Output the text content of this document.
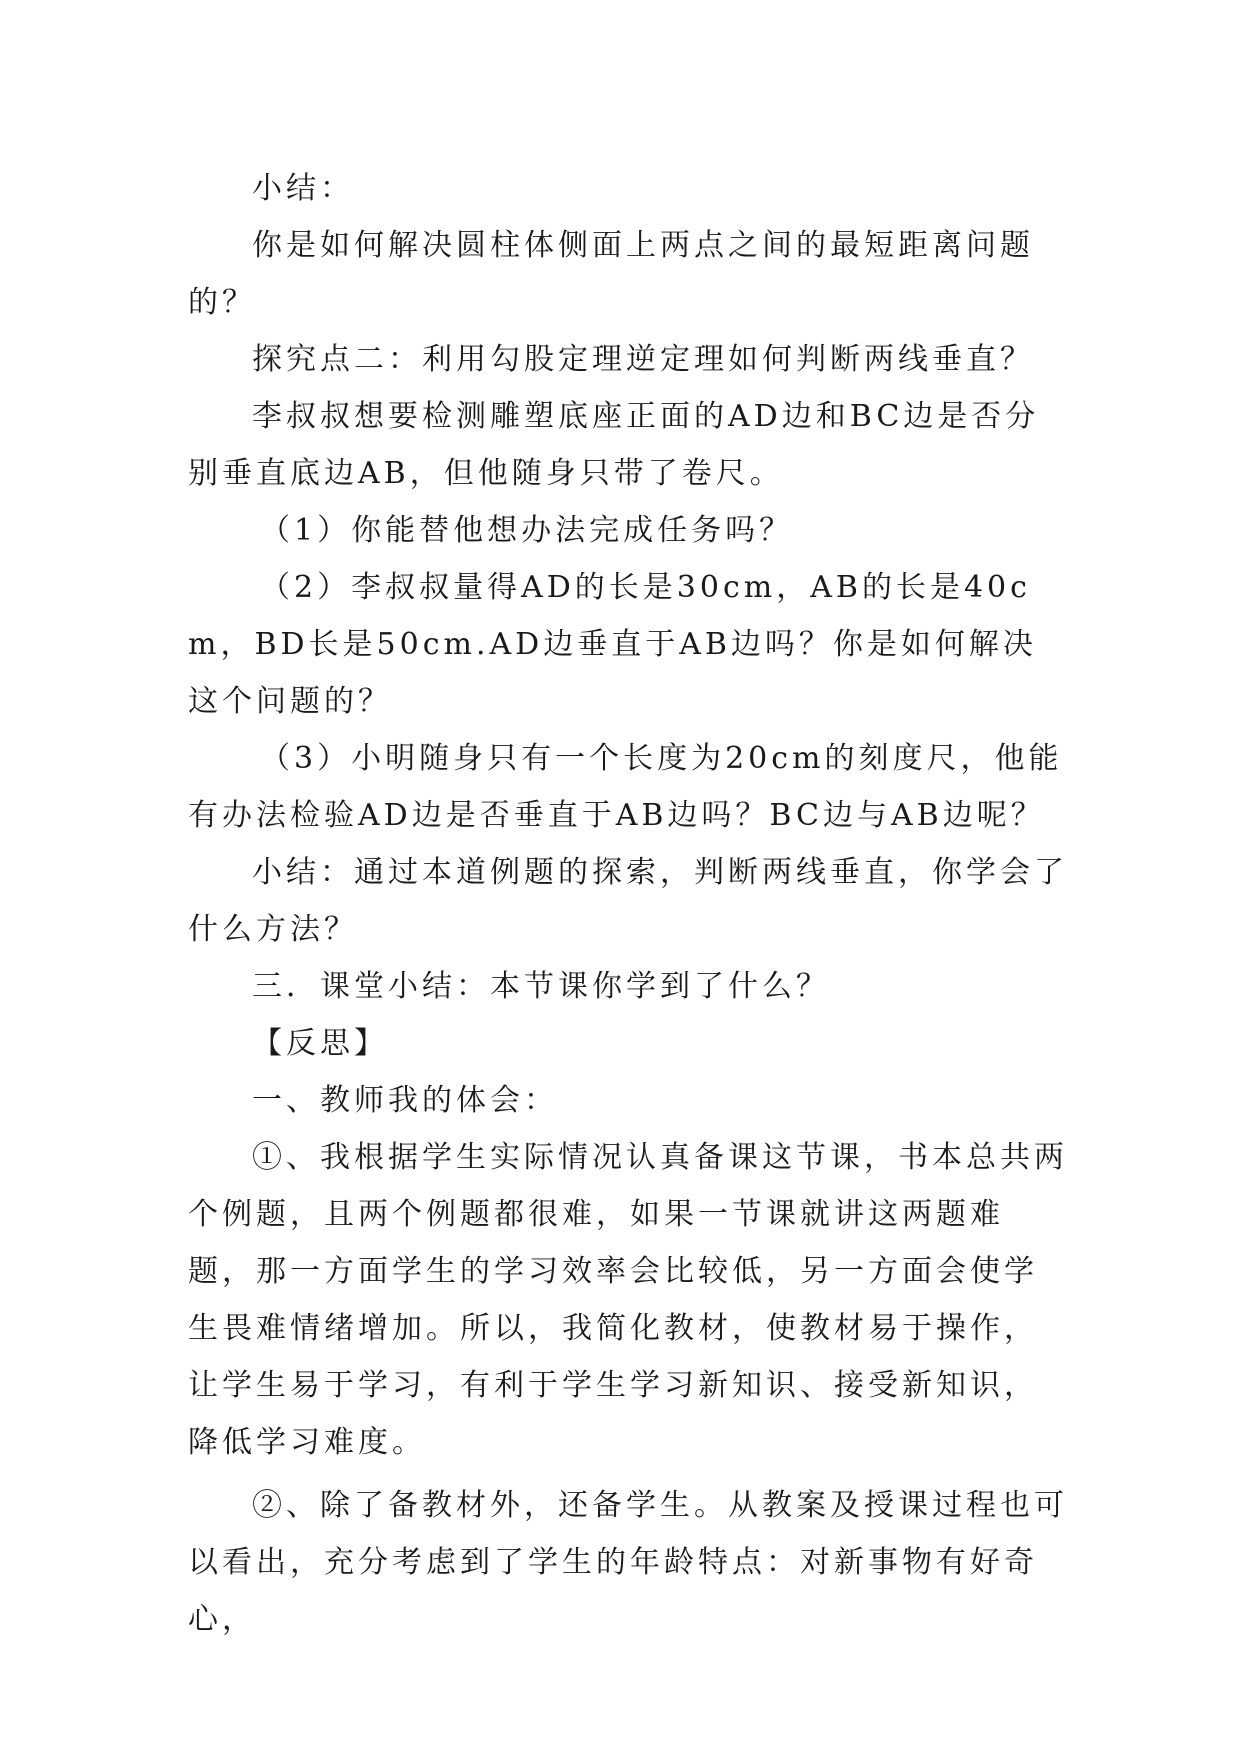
小结：

你是如何解决圆柱体侧面上两点之间的最短距离问题的？

探究点二：利用勾股定理逆定理如何判断两线垂直？

李叔叔想要检测雕塑底座正面的AD边和BC边是否分别垂直底边AB，但他随身只带了卷尺。

（1）你能替他想办法完成任务吗？

（2）李叔叔量得AD的长是30cm，AB的长是40cm，BD长是50cm.AD边垂直于AB边吗？你是如何解决这个问题的？

（3）小明随身只有一个长度为20cm的刻度尺，他能有办法检验AD边是否垂直于AB边吗？BC边与AB边呢？

小结：通过本道例题的探索，判断两线垂直，你学会了什么方法？

三．课堂小结：本节课你学到了什么？

【反思】

一、教师我的体会：

①、我根据学生实际情况认真备课这节课，书本总共两个例题，且两个例题都很难，如果一节课就讲这两题难题，那一方面学生的学习效率会比较低，另一方面会使学生畏难情绪增加。所以，我简化教材，使教材易于操作，让学生易于学习，有利于学生学习新知识、接受新知识，降低学习难度。

②、除了备教材外，还备学生。从教案及授课过程也可以看出，充分考虑到了学生的年龄特点：对新事物有好奇心，
